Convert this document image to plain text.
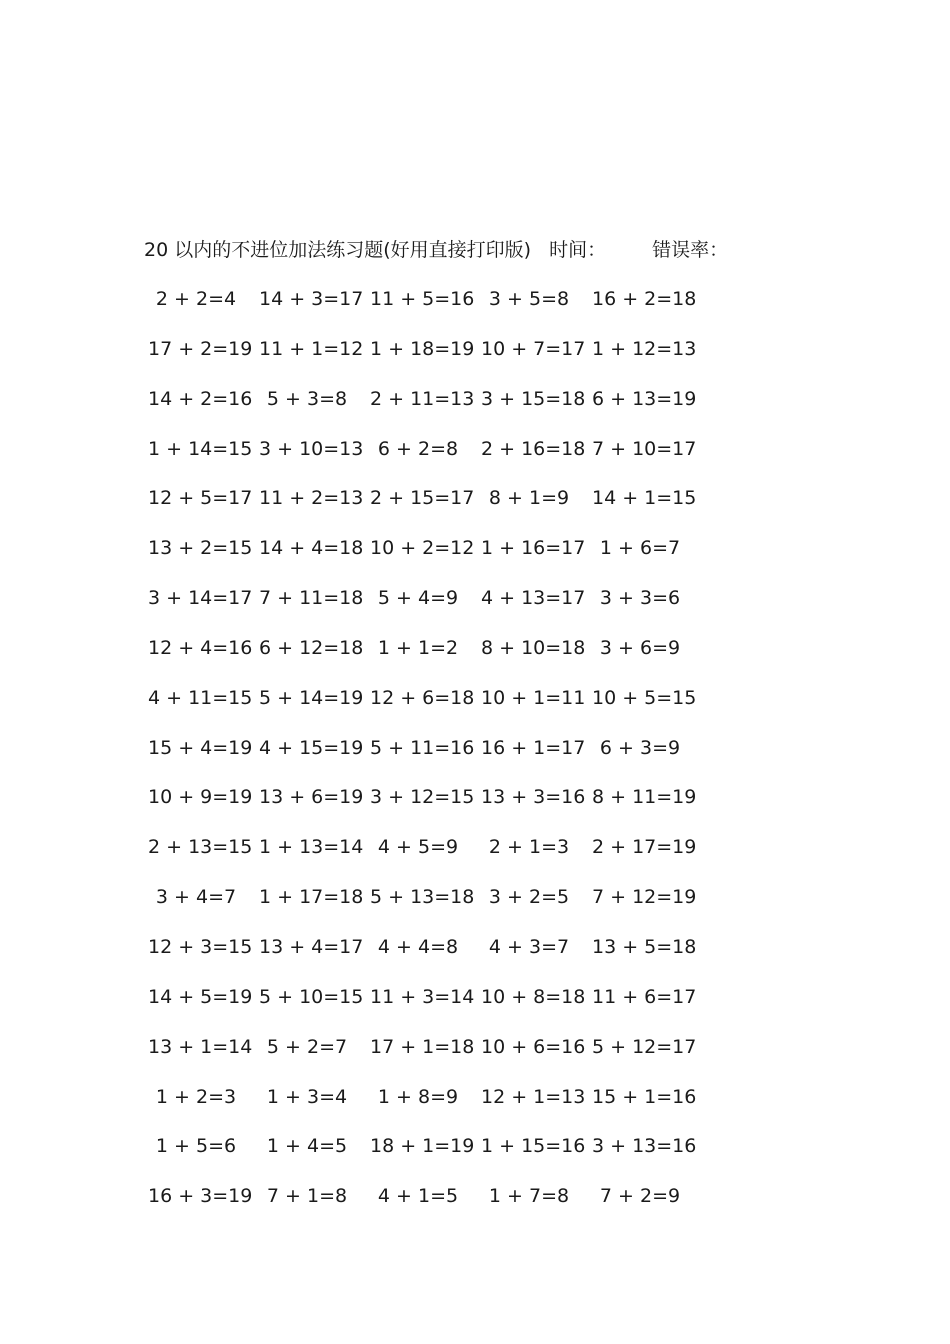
20 以内的不进位加法练习题(好用直接打印版) 时间： 错误率：
2 + 2=4	14 + 3=17 11 + 5=16 3 + 5=8	16 + 2=18
17 + 2=19 11 + 1=12 1 + 18=19 10 + 7=17 1 + 12=13
14 + 2=16 5 + 3=8	2 + 11=13 3 + 15=18 6 + 13=19
1 + 14=15 3 + 10=13 6 + 2=8	2 + 16=18 7 + 10=17
12 + 5=17 11 + 2=13 2 + 15=17 8 + 1=9	14 + 1=15
13 + 2=15 14 + 4=18 10 + 2=12 1 + 16=17 1 + 6=7
3 + 14=17 7 + 11=18 5 + 4=9	4 + 13=17 3 + 3=6
12 + 4=16 6 + 12=18 1 + 1=2	8 + 10=18 3 + 6=9
4 + 11=15 5 + 14=19 12 + 6=18 10 + 1=11 10 + 5=15
15 + 4=19 4 + 15=19 5 + 11=16 16 + 1=17 6 + 3=9
10 + 9=19 13 + 6=19 3 + 12=15 13 + 3=16 8 + 11=19
2 + 13=15 1 + 13=14 4 + 5=9	2 + 1=3	2 + 17=19
3 + 4=7	1 + 17=18 5 + 13=18 3 + 2=5	7 + 12=19
12 + 3=15 13 + 4=17 4 + 4=8	4 + 3=7	13 + 5=18
14 + 5=19 5 + 10=15 11 + 3=14 10 + 8=18 11 + 6=17
13 + 1=14 5 + 2=7	17 + 1=18 10 + 6=16 5 + 12=17
1 + 2=3	1 + 3=4	1 + 8=9	12 + 1=13 15 + 1=16
1 + 5=6	1 + 4=5	18 + 1=19 1 + 15=16 3 + 13=16
16 + 3=19 7 + 1=8	4 + 1=5	1 + 7=8	7 + 2=9
